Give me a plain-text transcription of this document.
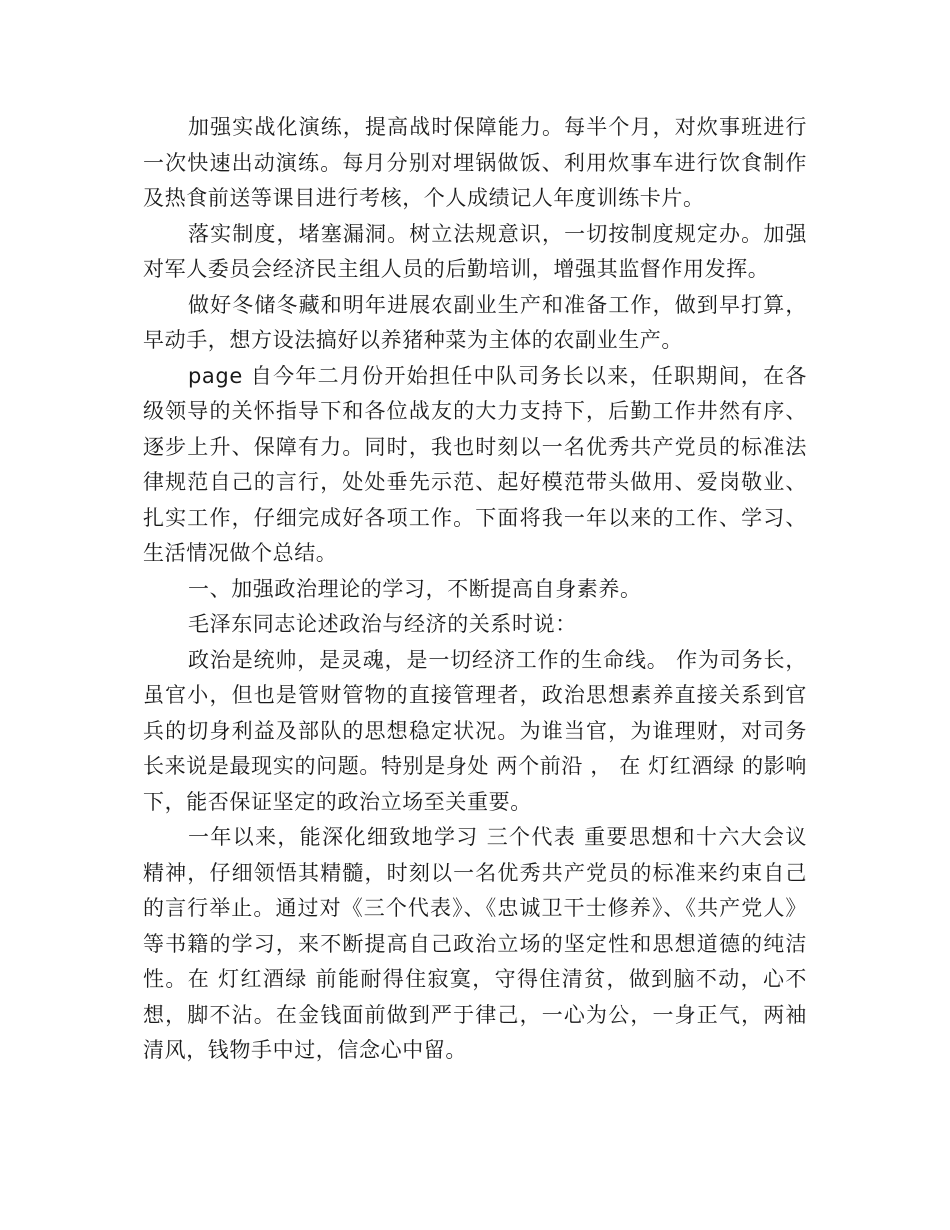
加强实战化演练，提高战时保障能力。每半个月，对炊事班进行一次快速出动演练。每月分别对埋锅做饭、利用炊事车进行饮食制作及热食前送等课目进行考核，个人成绩记人年度训练卡片。

落实制度，堵塞漏洞。树立法规意识，一切按制度规定办。加强对军人委员会经济民主组人员的后勤培训，增强其监督作用发挥。

做好冬储冬藏和明年进展农副业生产和准备工作，做到早打算，早动手，想方设法搞好以养猪种菜为主体的农副业生产。

page 自今年二月份开始担任中队司务长以来，任职期间，在各级领导的关怀指导下和各位战友的大力支持下，后勤工作井然有序、逐步上升、保障有力。同时，我也时刻以一名优秀共产党员的标准法律规范自己的言行，处处垂先示范、起好模范带头做用、爱岗敬业、扎实工作，仔细完成好各项工作。下面将我一年以来的工作、学习、生活情况做个总结。

一、加强政治理论的学习，不断提高自身素养。

毛泽东同志论述政治与经济的关系时说：

政治是统帅，是灵魂，是一切经济工作的生命线。 作为司务长，虽官小，但也是管财管物的直接管理者，政治思想素养直接关系到官兵的切身利益及部队的思想稳定状况。为谁当官，为谁理财，对司务长来说是最现实的问题。特别是身处 两个前沿 ， 在 灯红酒绿 的影响下，能否保证坚定的政治立场至关重要。

一年以来，能深化细致地学习 三个代表 重要思想和十六大会议精神，仔细领悟其精髓，时刻以一名优秀共产党员的标准来约束自己的言行举止。通过对《三个代表》、《忠诚卫干士修养》、《共产党人》等书籍的学习，来不断提高自己政治立场的坚定性和思想道德的纯洁性。在 灯红酒绿 前能耐得住寂寞，守得住清贫，做到脑不动，心不想，脚不沾。在金钱面前做到严于律己，一心为公，一身正气，两袖清风，钱物手中过，信念心中留。
